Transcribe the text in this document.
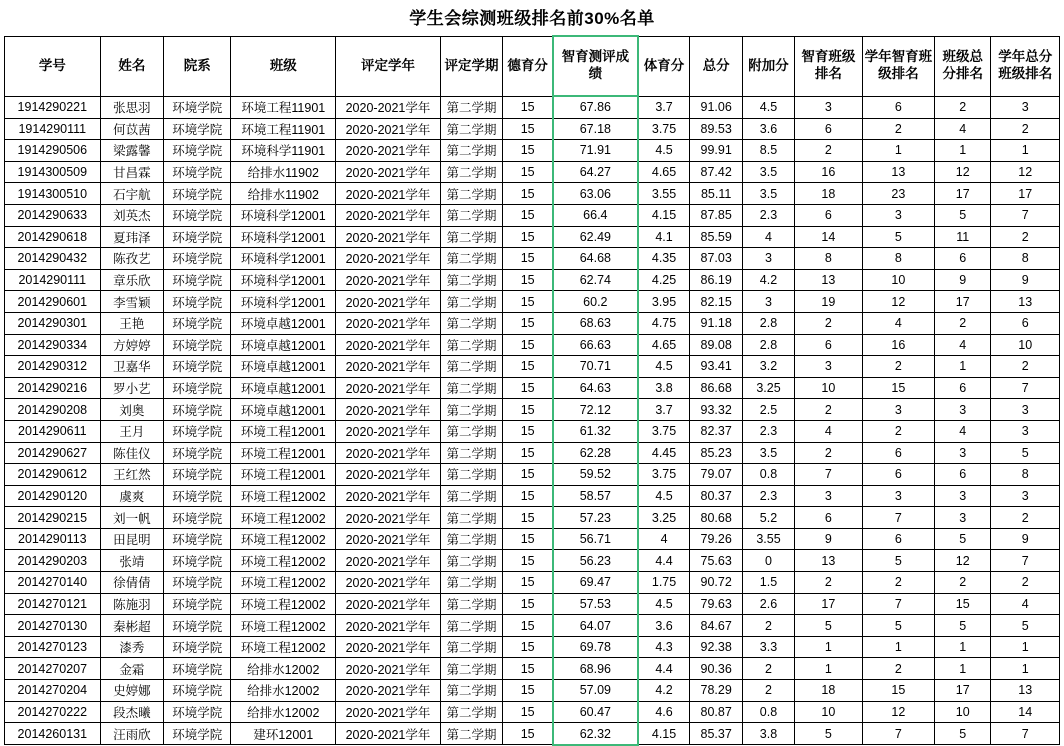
学生会综测班级排名前30%名单
学号	姓名	院系	班级	评定学年	评定学期	德育分	智育测评成绩	体育分	总分	附加分	智育班级排名	学年智育班级排名	班级总分排名	学年总分班级排名
1914290221	张思羽	环境学院	环境工程11901	2020-2021学年	第二学期	15	67.86	3.7	91.06	4.5	3	6	2	3
1914290111	何苡茜	环境学院	环境工程11901	2020-2021学年	第二学期	15	67.18	3.75	89.53	3.6	6	2	4	2
1914290506	梁露馨	环境学院	环境科学11901	2020-2021学年	第二学期	15	71.91	4.5	99.91	8.5	2	1	1	1
1914300509	甘昌霖	环境学院	给排水11902	2020-2021学年	第二学期	15	64.27	4.65	87.42	3.5	16	13	12	12
1914300510	石宇航	环境学院	给排水11902	2020-2021学年	第二学期	15	63.06	3.55	85.11	3.5	18	23	17	17
2014290633	刘英杰	环境学院	环境科学12001	2020-2021学年	第二学期	15	66.4	4.15	87.85	2.3	6	3	5	7
2014290618	夏玮泽	环境学院	环境科学12001	2020-2021学年	第二学期	15	62.49	4.1	85.59	4	14	5	11	2
2014290432	陈孜艺	环境学院	环境科学12001	2020-2021学年	第二学期	15	64.68	4.35	87.03	3	8	8	6	8
2014290111	章乐欣	环境学院	环境科学12001	2020-2021学年	第二学期	15	62.74	4.25	86.19	4.2	13	10	9	9
2014290601	李雪颖	环境学院	环境科学12001	2020-2021学年	第二学期	15	60.2	3.95	82.15	3	19	12	17	13
2014290301	王艳	环境学院	环境卓越12001	2020-2021学年	第二学期	15	68.63	4.75	91.18	2.8	2	4	2	6
2014290334	方婷婷	环境学院	环境卓越12001	2020-2021学年	第二学期	15	66.63	4.65	89.08	2.8	6	16	4	10
2014290312	卫嘉华	环境学院	环境卓越12001	2020-2021学年	第二学期	15	70.71	4.5	93.41	3.2	3	2	1	2
2014290216	罗小艺	环境学院	环境卓越12001	2020-2021学年	第二学期	15	64.63	3.8	86.68	3.25	10	15	6	7
2014290208	刘奥	环境学院	环境卓越12001	2020-2021学年	第二学期	15	72.12	3.7	93.32	2.5	2	3	3	3
2014290611	王月	环境学院	环境工程12001	2020-2021学年	第二学期	15	61.32	3.75	82.37	2.3	4	2	4	3
2014290627	陈佳仪	环境学院	环境工程12001	2020-2021学年	第二学期	15	62.28	4.45	85.23	3.5	2	6	3	5
2014290612	王红然	环境学院	环境工程12001	2020-2021学年	第二学期	15	59.52	3.75	79.07	0.8	7	6	6	8
2014290120	虞爽	环境学院	环境工程12002	2020-2021学年	第二学期	15	58.57	4.5	80.37	2.3	3	3	3	3
2014290215	刘一帆	环境学院	环境工程12002	2020-2021学年	第二学期	15	57.23	3.25	80.68	5.2	6	7	3	2
2014290113	田昆明	环境学院	环境工程12002	2020-2021学年	第二学期	15	56.71	4	79.26	3.55	9	6	5	9
2014290203	张靖	环境学院	环境工程12002	2020-2021学年	第二学期	15	56.23	4.4	75.63	0	13	5	12	7
2014270140	徐倩倩	环境学院	环境工程12002	2020-2021学年	第二学期	15	69.47	1.75	90.72	1.5	2	2	2	2
2014270121	陈施羽	环境学院	环境工程12002	2020-2021学年	第二学期	15	57.53	4.5	79.63	2.6	17	7	15	4
2014270130	秦彬超	环境学院	环境工程12002	2020-2021学年	第二学期	15	64.07	3.6	84.67	2	5	5	5	5
2014270123	漆秀	环境学院	环境工程12002	2020-2021学年	第二学期	15	69.78	4.3	92.38	3.3	1	1	1	1
2014270207	金霜	环境学院	给排水12002	2020-2021学年	第二学期	15	68.96	4.4	90.36	2	1	2	1	1
2014270204	史婷娜	环境学院	给排水12002	2020-2021学年	第二学期	15	57.09	4.2	78.29	2	18	15	17	13
2014270222	段杰曦	环境学院	给排水12002	2020-2021学年	第二学期	15	60.47	4.6	80.87	0.8	10	12	10	14
2014260131	汪雨欣	环境学院	建环12001	2020-2021学年	第二学期	15	62.32	4.15	85.37	3.8	5	7	5	7
